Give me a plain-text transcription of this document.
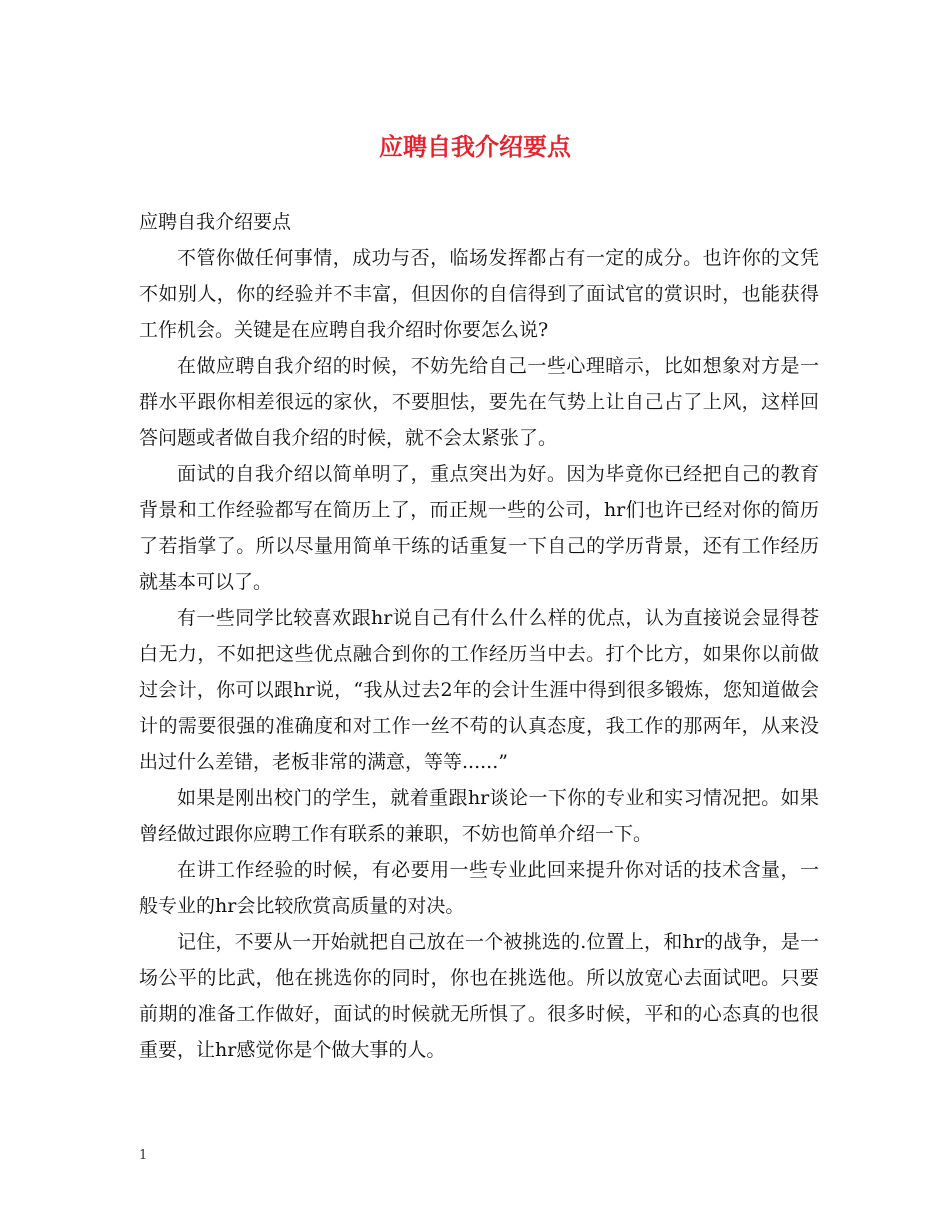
应聘自我介绍要点

应聘自我介绍要点

不管你做任何事情，成功与否，临场发挥都占有一定的成分。也许你的文凭不如别人，你的经验并不丰富，但因你的自信得到了面试官的赏识时，也能获得工作机会。关键是在应聘自我介绍时你要怎么说?

在做应聘自我介绍的时候，不妨先给自己一些心理暗示，比如想象对方是一群水平跟你相差很远的家伙，不要胆怯，要先在气势上让自己占了上风，这样回答问题或者做自我介绍的时候，就不会太紧张了。

面试的自我介绍以简单明了，重点突出为好。因为毕竟你已经把自己的教育背景和工作经验都写在简历上了，而正规一些的公司，hr们也许已经对你的简历了若指掌了。所以尽量用简单干练的话重复一下自己的学历背景，还有工作经历就基本可以了。

有一些同学比较喜欢跟hr说自己有什么什么样的优点，认为直接说会显得苍白无力，不如把这些优点融合到你的工作经历当中去。打个比方，如果你以前做过会计，你可以跟hr说，“我从过去2年的会计生涯中得到很多锻炼，您知道做会计的需要很强的准确度和对工作一丝不苟的认真态度，我工作的那两年，从来没出过什么差错，老板非常的满意，等等......”

如果是刚出校门的学生，就着重跟hr谈论一下你的专业和实习情况把。如果曾经做过跟你应聘工作有联系的兼职，不妨也简单介绍一下。

在讲工作经验的时候，有必要用一些专业此回来提升你对话的技术含量，一般专业的hr会比较欣赏高质量的对决。

记住，不要从一开始就把自己放在一个被挑选的.位置上，和hr的战争，是一场公平的比武，他在挑选你的同时，你也在挑选他。所以放宽心去面试吧。只要前期的准备工作做好，面试的时候就无所惧了。很多时候，平和的心态真的也很重要，让hr感觉你是个做大事的人。

1
